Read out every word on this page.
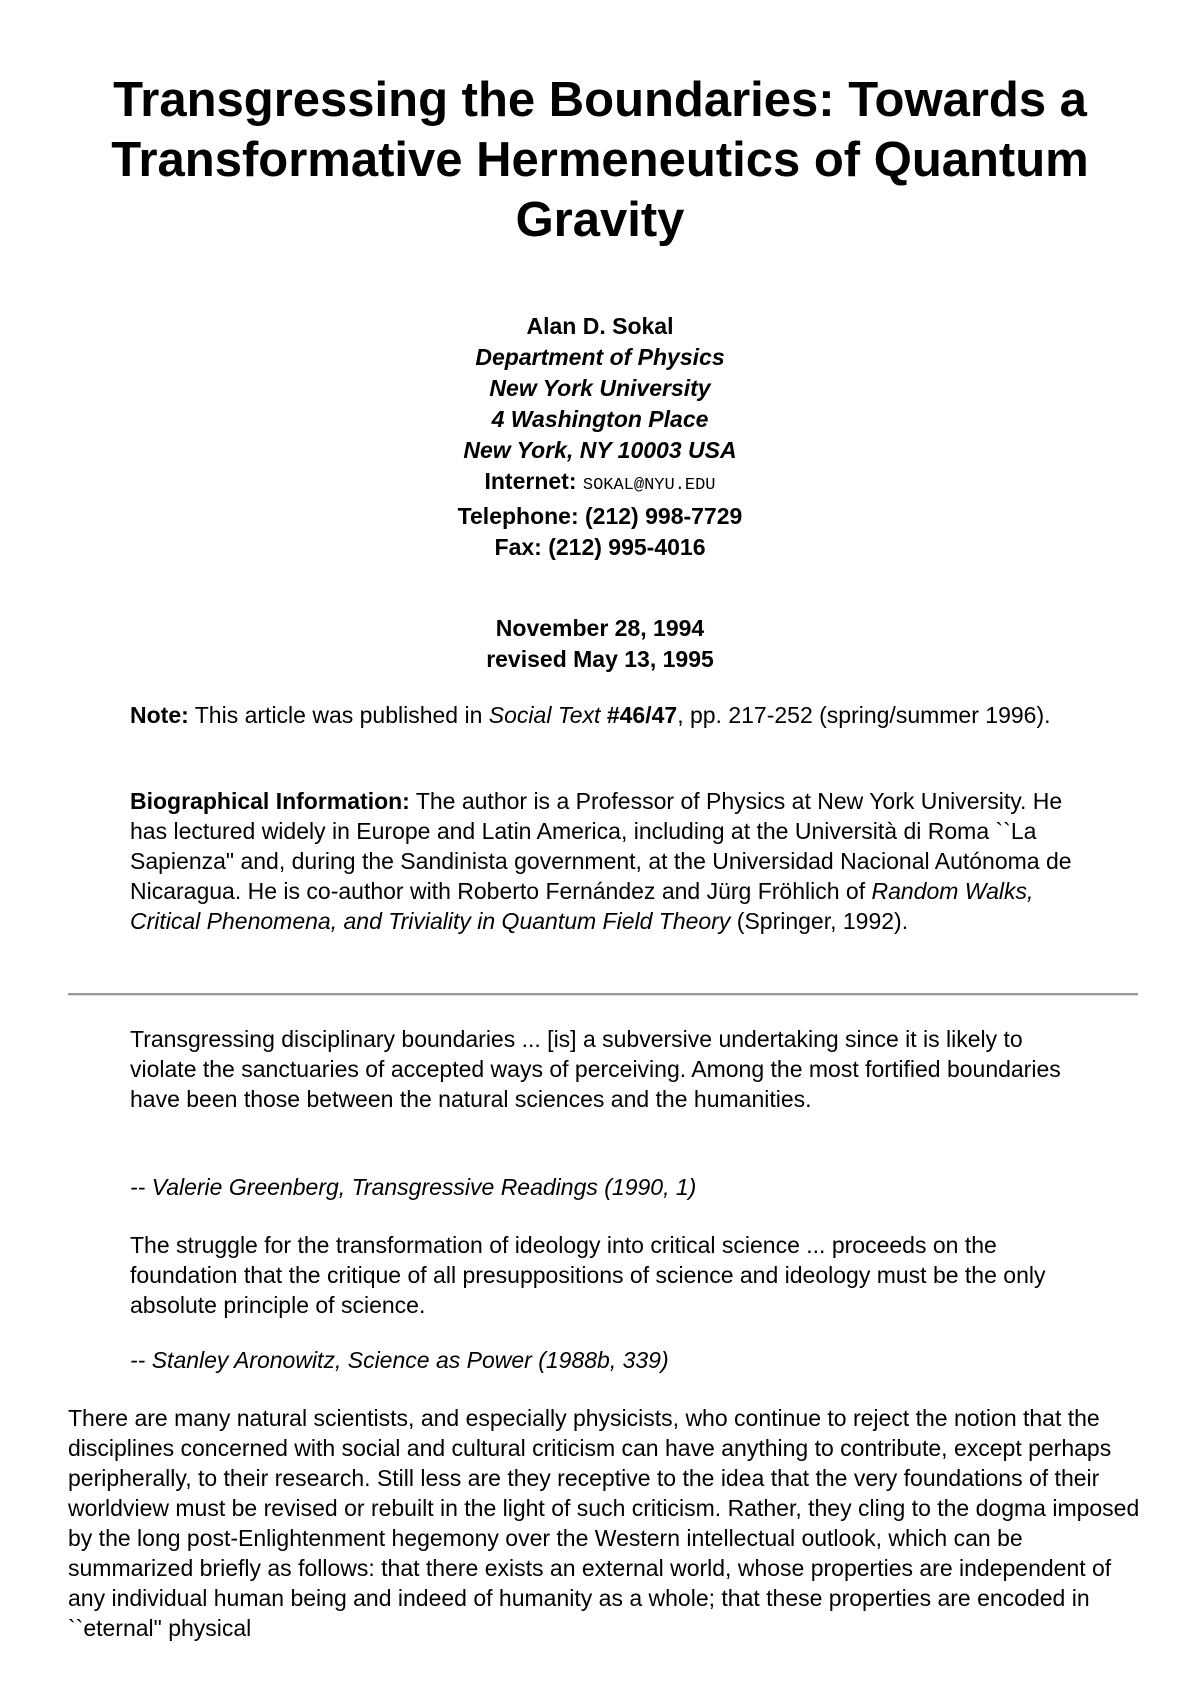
Transgressing the Boundaries: Towards a Transformative Hermeneutics of Quantum Gravity
Alan D. Sokal
Department of Physics
New York University
4 Washington Place
New York, NY 10003 USA
Internet: SOKAL@NYU.EDU
Telephone: (212) 998-7729
Fax: (212) 995-4016
November 28, 1994
revised May 13, 1995

Note: This article was published in Social Text #46/47, pp. 217-252 (spring/summer 1996).

Biographical Information: The author is a Professor of Physics at New York University. He has lectured widely in Europe and Latin America, including at the Università di Roma ``La Sapienza" and, during the Sandinista government, at the Universidad Nacional Autónoma de Nicaragua. He is co-author with Roberto Fernández and Jürg Fröhlich of Random Walks, Critical Phenomena, and Triviality in Quantum Field Theory (Springer, 1992).

Transgressing disciplinary boundaries ... [is] a subversive undertaking since it is likely to violate the sanctuaries of accepted ways of perceiving. Among the most fortified boundaries have been those between the natural sciences and the humanities.

-- Valerie Greenberg, Transgressive Readings (1990, 1)

The struggle for the transformation of ideology into critical science ... proceeds on the foundation that the critique of all presuppositions of science and ideology must be the only absolute principle of science.

-- Stanley Aronowitz, Science as Power (1988b, 339)

There are many natural scientists, and especially physicists, who continue to reject the notion that the disciplines concerned with social and cultural criticism can have anything to contribute, except perhaps peripherally, to their research. Still less are they receptive to the idea that the very foundations of their worldview must be revised or rebuilt in the light of such criticism. Rather, they cling to the dogma imposed by the long post-Enlightenment hegemony over the Western intellectual outlook, which can be summarized briefly as follows: that there exists an external world, whose properties are independent of any individual human being and indeed of humanity as a whole; that these properties are encoded in ``eternal" physical
